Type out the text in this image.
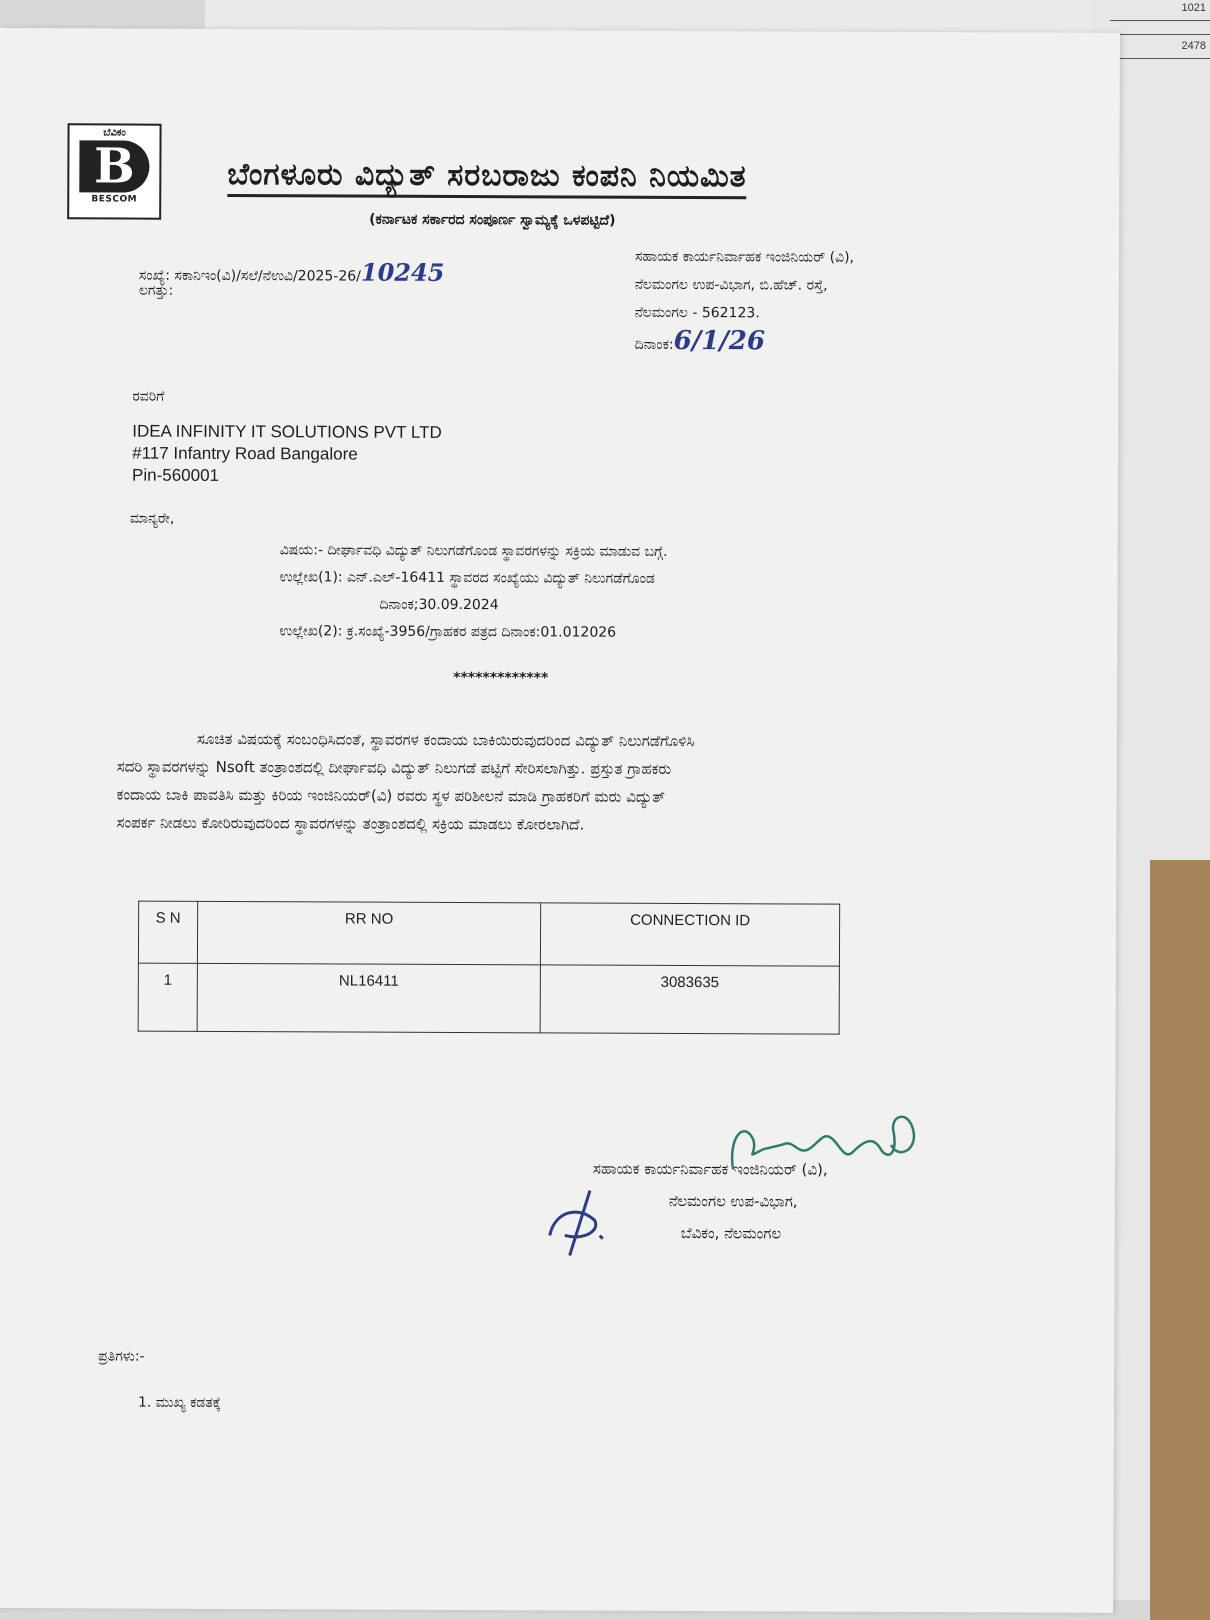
1021
2478
ಬೆವಿಕಂ
B
BESCOM
ಬೆಂಗಳೂರು ವಿದ್ಯುತ್ ಸರಬರಾಜು ಕಂಪನಿ ನಿಯಮಿತ
(ಕರ್ನಾಟಕ ಸರ್ಕಾರದ ಸಂಪೂರ್ಣ ಸ್ವಾಮ್ಯಕ್ಕೆ ಒಳಪಟ್ಟಿದೆ)
ಸಂಖ್ಯೆ: ಸಕಾನಿಇಂ(ವಿ)/ಸಲೆ/ನೆಉವಿ/2025-26/10245
ಲಗತ್ತು:
ಸಹಾಯಕ ಕಾರ್ಯನಿರ್ವಾಹಕ ಇಂಜಿನಿಯರ್ (ವಿ),
ನೆಲಮಂಗಲ ಉಪ-ವಿಭಾಗ, ಬಿ.ಹೆಚ್. ರಸ್ತೆ,
ನೆಲಮಂಗಲ - 562123.
ದಿನಾಂಕ:6/1/26
ರವರಿಗೆ
IDEA INFINITY IT SOLUTIONS PVT LTD
#117 Infantry Road Bangalore
Pin-560001
ಮಾನ್ಯರೇ,
ವಿಷಯ:- ದೀರ್ಘಾವಧಿ ವಿದ್ಯುತ್ ನಿಲುಗಡೆಗೊಂಡ ಸ್ಥಾವರಗಳನ್ನು ಸಕ್ರಿಯ ಮಾಡುವ ಬಗ್ಗೆ.
ಉಲ್ಲೇಖ(1): ಎನ್.ಎಲ್-16411 ಸ್ಥಾವರದ ಸಂಖ್ಯೆಯು ವಿದ್ಯುತ್ ನಿಲುಗಡೆಗೊಂಡ
ದಿನಾಂಕ;30.09.2024
ಉಲ್ಲೇಖ(2): ಕ್ರ.ಸಂಖ್ಯೆ-3956/ಗ್ರಾಹಕರ ಪತ್ರದ ದಿನಾಂಕ:01.012026
*************
ಸೂಚಿತ ವಿಷಯಕ್ಕೆ ಸಂಬಂಧಿಸಿದಂತೆ, ಸ್ಥಾವರಗಳ ಕಂದಾಯ ಬಾಕಿಯಿರುವುದರಿಂದ ವಿದ್ಯುತ್ ನಿಲುಗಡೆಗೊಳಿಸಿ
ಸದರಿ ಸ್ಥಾವರಗಳನ್ನು Nsoft ತಂತ್ರಾಂಶದಲ್ಲಿ ದೀರ್ಘಾವಧಿ ವಿದ್ಯುತ್ ನಿಲುಗಡೆ ಪಟ್ಟಿಗೆ ಸೇರಿಸಲಾಗಿತ್ತು. ಪ್ರಸ್ತುತ ಗ್ರಾಹಕರು
ಕಂದಾಯ ಬಾಕಿ ಪಾವತಿಸಿ ಮತ್ತು ಕಿರಿಯ ಇಂಜಿನಿಯರ್(ವಿ) ರವರು ಸ್ಥಳ ಪರಿಶೀಲನೆ ಮಾಡಿ ಗ್ರಾಹಕರಿಗೆ ಮರು ವಿದ್ಯುತ್
ಸಂಪರ್ಕ ನೀಡಲು ಕೋರಿರುವುದರಿಂದ ಸ್ಥಾವರಗಳನ್ನು ತಂತ್ರಾಂಶದಲ್ಲಿ ಸಕ್ರಿಯ ಮಾಡಲು ಕೋರಲಾಗಿದೆ.
S N	RR NO	CONNECTION ID
1	NL16411	3083635
ಸಹಾಯಕ ಕಾರ್ಯನಿರ್ವಾಹಕ ಇಂಜಿನಿಯರ್ (ವಿ),
ನೆಲಮಂಗಲ ಉಪ-ವಿಭಾಗ,
ಬೆವಿಕಂ, ನೆಲಮಂಗಲ
ಪ್ರತಿಗಳು:-
1. ಮುಖ್ಯ ಕಡತಕ್ಕೆ
